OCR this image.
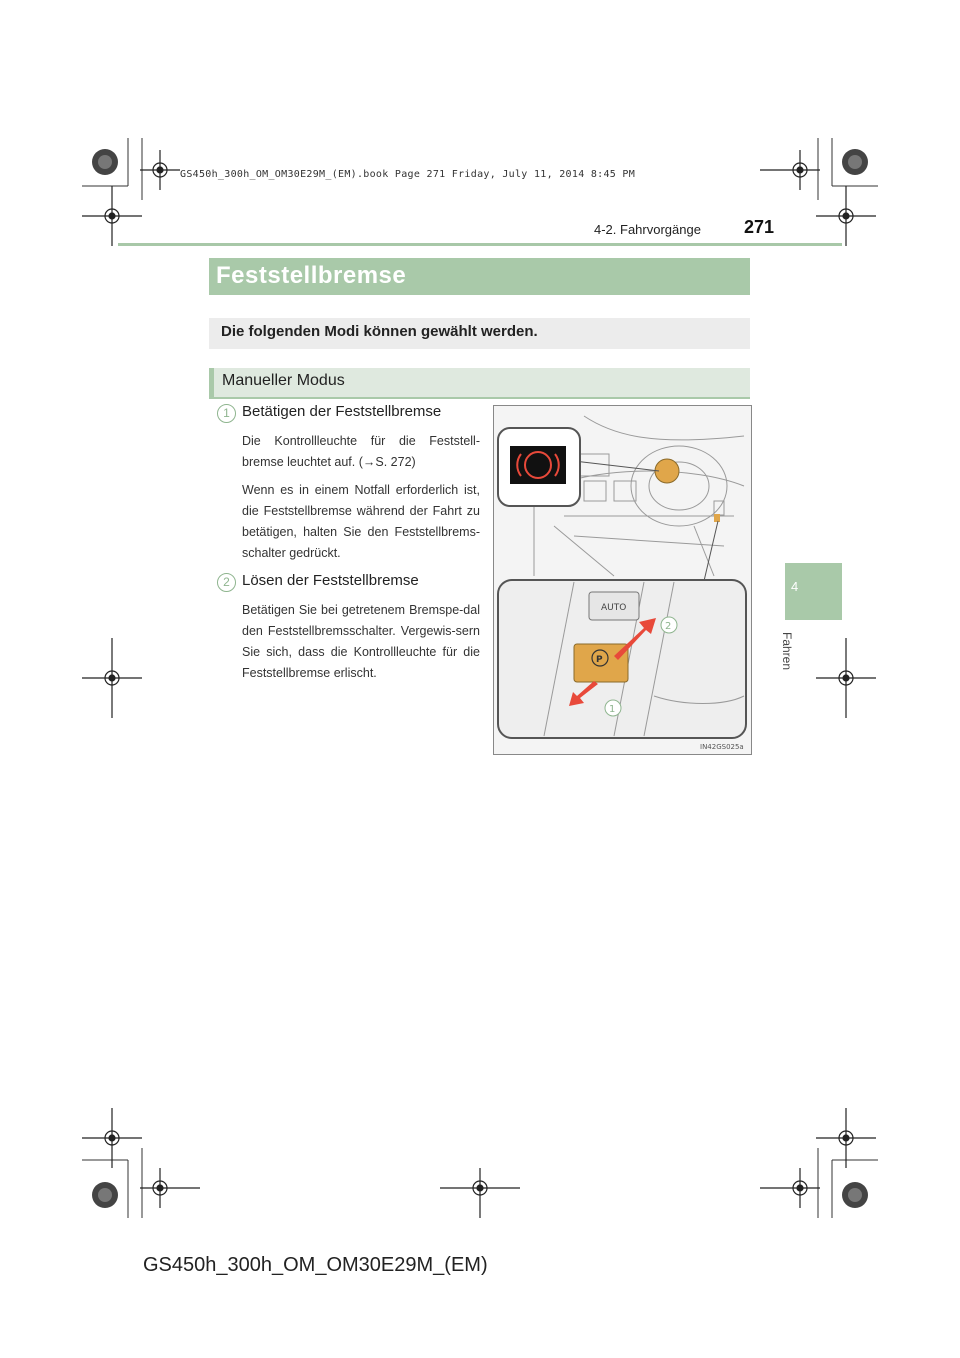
GS450h_300h_OM_OM30E29M_(EM).book Page 271 Friday, July 11, 2014 8:45 PM
4-2. Fahrvorgänge 271
Feststellbremse
Die folgenden Modi können gewählt werden.
Manueller Modus
1 Betätigen der Feststellbremse
Die Kontrollleuchte für die Feststell-bremse leuchtet auf. (→S. 272)
Wenn es in einem Notfall erforderlich ist, die Feststellbremse während der Fahrt zu betätigen, halten Sie den Feststellbrems-schalter gedrückt.
2 Lösen der Feststellbremse
Betätigen Sie bei getretenem Bremspe-dal den Feststellbremsschalter. Vergewis-sern Sie sich, dass die Kontrollleuchte für die Feststellbremse erlischt.
AUTO
P
2
1
IN42GS025a
4
Fahren
GS450h_300h_OM_OM30E29M_(EM)
